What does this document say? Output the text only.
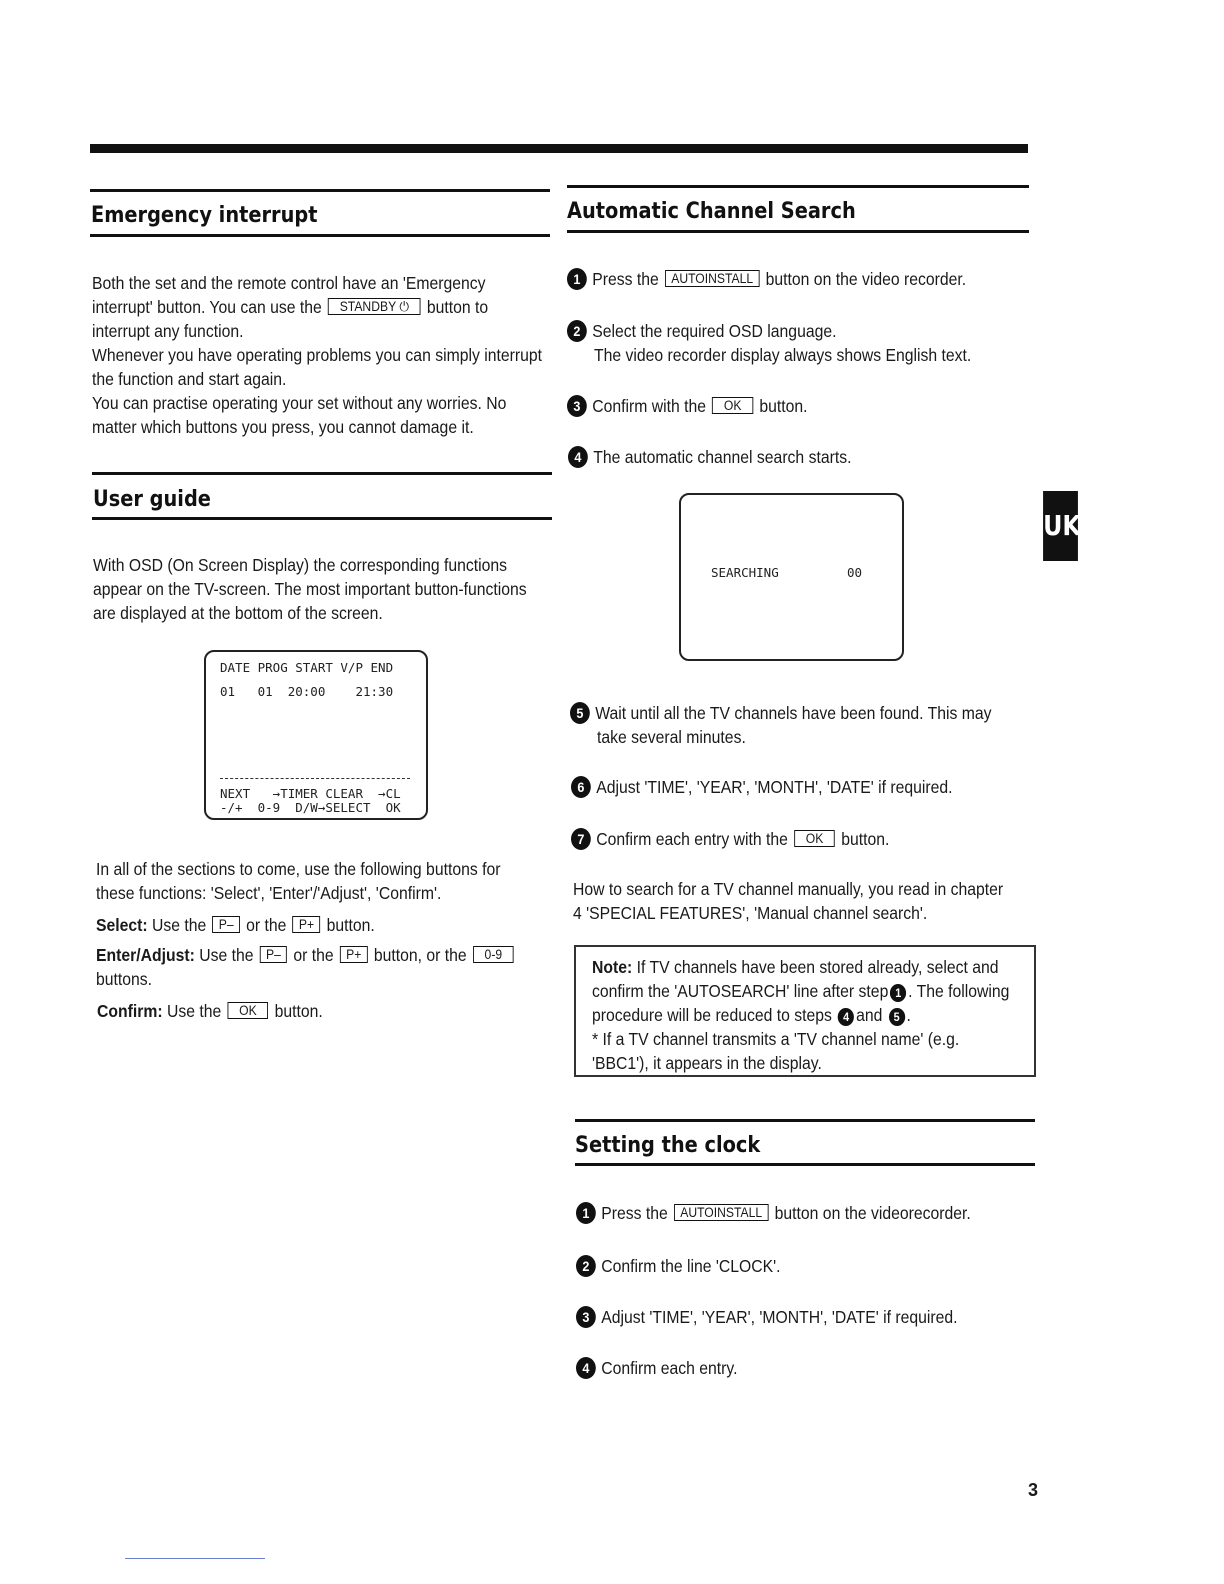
Emergency interrupt

Both the set and the remote control have an 'Emergency interrupt' button. You can use the STANDBY ⏻ button to interrupt any function.

Whenever you have operating problems you can simply interrupt the function and start again.

You can practise operating your set without any worries. No matter which buttons you press, you cannot damage it.

User guide
With OSD (On Screen Display) the corresponding functions appear on the TV-screen. The most important button-functions are displayed at the bottom of the screen.
DATE PROG START V/P END
01   01  20:00    21:30
NEXT   →TIMER CLEAR  →CL
-/+  0-9  D/W→SELECT  OK
In all of the sections to come, use the following buttons for these functions: 'Select', 'Enter'/'Adjust', 'Confirm'.
Select: Use the P– or the P+ button.
Enter/Adjust: Use the P– or the P+ button, or the 0-9 buttons.
Confirm: Use the OK button.
Automatic Channel Search
1 Press the AUTOINSTALL button on the video recorder.
2 Select the required OSD language.
The video recorder display always shows English text.
3 Confirm with the OK button.
4 The automatic channel search starts.
SEARCHING	00
5 Wait until all the TV channels have been found. This may
take several minutes.
6 Adjust 'TIME', 'YEAR', 'MONTH', 'DATE' if required.
7 Confirm each entry with the OK button.
How to search for a TV channel manually, you read in chapter 4 'SPECIAL FEATURES', 'Manual channel search'.

Note: If TV channels have been stored already, select and confirm the 'AUTOSEARCH' line after step 1 . The following procedure will be reduced to steps 4 and 5 .

* If a TV channel transmits a 'TV channel name' (e.g. 'BBC1'), it appears in the display.

Setting the clock
1 Press the AUTOINSTALL button on the videorecorder.
2 Confirm the line 'CLOCK'.
3 Adjust 'TIME', 'YEAR', 'MONTH', 'DATE' if required.
4 Confirm each entry.
UK
3
